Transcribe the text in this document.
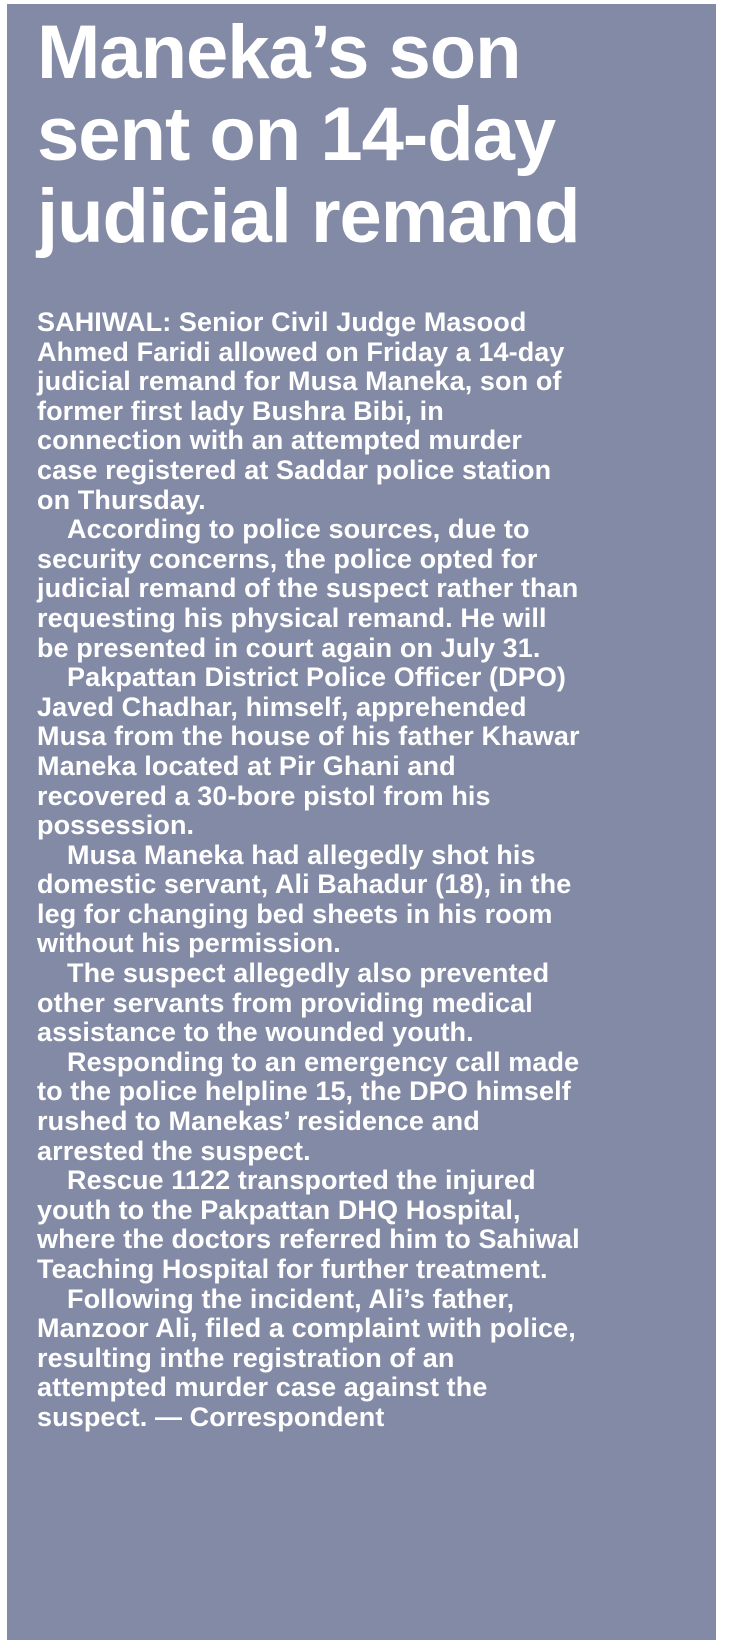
Maneka’s son
sent on 14-day
judicial remand

SAHIWAL: Senior Civil Judge Masood
Ahmed Faridi allowed on Friday a 14-day
judicial remand for Musa Maneka, son of
former first lady Bushra Bibi, in
connection with an attempted murder
case registered at Saddar police station
on Thursday.

According to police sources, due to
security concerns, the police opted for
judicial remand of the suspect rather than
requesting his physical remand. He will
be presented in court again on July 31.

Pakpattan District Police Officer (DPO)
Javed Chadhar, himself, apprehended
Musa from the house of his father Khawar
Maneka located at Pir Ghani and
recovered a 30-bore pistol from his
possession.

Musa Maneka had allegedly shot his
domestic servant, Ali Bahadur (18), in the
leg for changing bed sheets in his room
without his permission.

The suspect allegedly also prevented
other servants from providing medical
assistance to the wounded youth.

Responding to an emergency call made
to the police helpline 15, the DPO himself
rushed to Manekas’ residence and
arrested the suspect.

Rescue 1122 transported the injured
youth to the Pakpattan DHQ Hospital,
where the doctors referred him to Sahiwal
Teaching Hospital for further treatment.

Following the incident, Ali’s father,
Manzoor Ali, filed a complaint with police,
resulting inthe registration of an
attempted murder case against the
suspect. — Correspondent
